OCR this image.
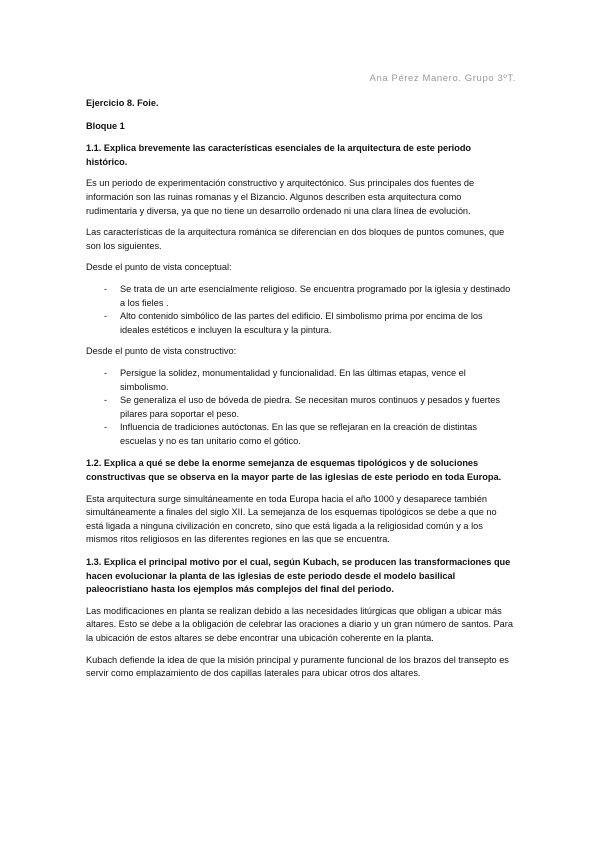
Ana Pérez Manero. Grupo 3ºT.

Ejercicio 8. Foie.

Bloque 1

1.1. Explica brevemente las características esenciales de la arquitectura de este periodo histórico.

Es un periodo de experimentación constructivo y arquitectónico. Sus principales dos fuentes de información son las ruinas romanas y el Bizancio. Algunos describen esta arquitectura como rudimentaria y diversa, ya que no tiene un desarrollo ordenado ni una clara línea de evolución.

Las características de la arquitectura románica se diferencian en dos bloques de puntos comunes, que son los siguientes.

Desde el punto de vista conceptual:

- Se trata de un arte esencialmente religioso. Se encuentra programado por la iglesia y destinado a los fieles .
- Alto contenido simbólico de las partes del edificio. El simbolismo prima por encima de los ideales estéticos e incluyen la escultura y la pintura.

Desde el punto de vista constructivo:

- Persigue la solidez, monumentalidad y funcionalidad. En las últimas etapas, vence el simbolismo.
- Se generaliza el uso de bóveda de piedra. Se necesitan muros continuos y pesados y fuertes pilares para soportar el peso.
- Influencia de tradiciones autóctonas. En las que se reflejaran en la creación de distintas escuelas y no es tan unitario como el gótico.

1.2. Explica a qué se debe la enorme semejanza de esquemas tipológicos y de soluciones constructivas que se observa en la mayor parte de las iglesias de este periodo en toda Europa.

Esta arquitectura surge simultáneamente en toda Europa hacia el año 1000 y desaparece también simultáneamente a finales del siglo XII. La semejanza de los esquemas tipológicos se debe a que no está ligada a ninguna civilización en concreto, sino que está ligada a la religiosidad común y a los mismos ritos religiosos en las diferentes regiones en las que se encuentra.

1.3. Explica el principal motivo por el cual, según Kubach, se producen las transformaciones que hacen evolucionar la planta de las iglesias de este periodo desde el modelo basilical paleocristiano hasta los ejemplos más complejos del final del periodo.

Las modificaciones en planta se realizan debido a las necesidades litúrgicas que obligan a ubicar más altares. Esto se debe a la obligación de celebrar las oraciones a diario y un gran número de santos. Para la ubicación de estos altares se debe encontrar una ubicación coherente en la planta.

Kubach defiende la idea de que la misión principal y puramente funcional de los brazos del transepto es servir como emplazamiento de dos capillas laterales para ubicar otros dos altares.
